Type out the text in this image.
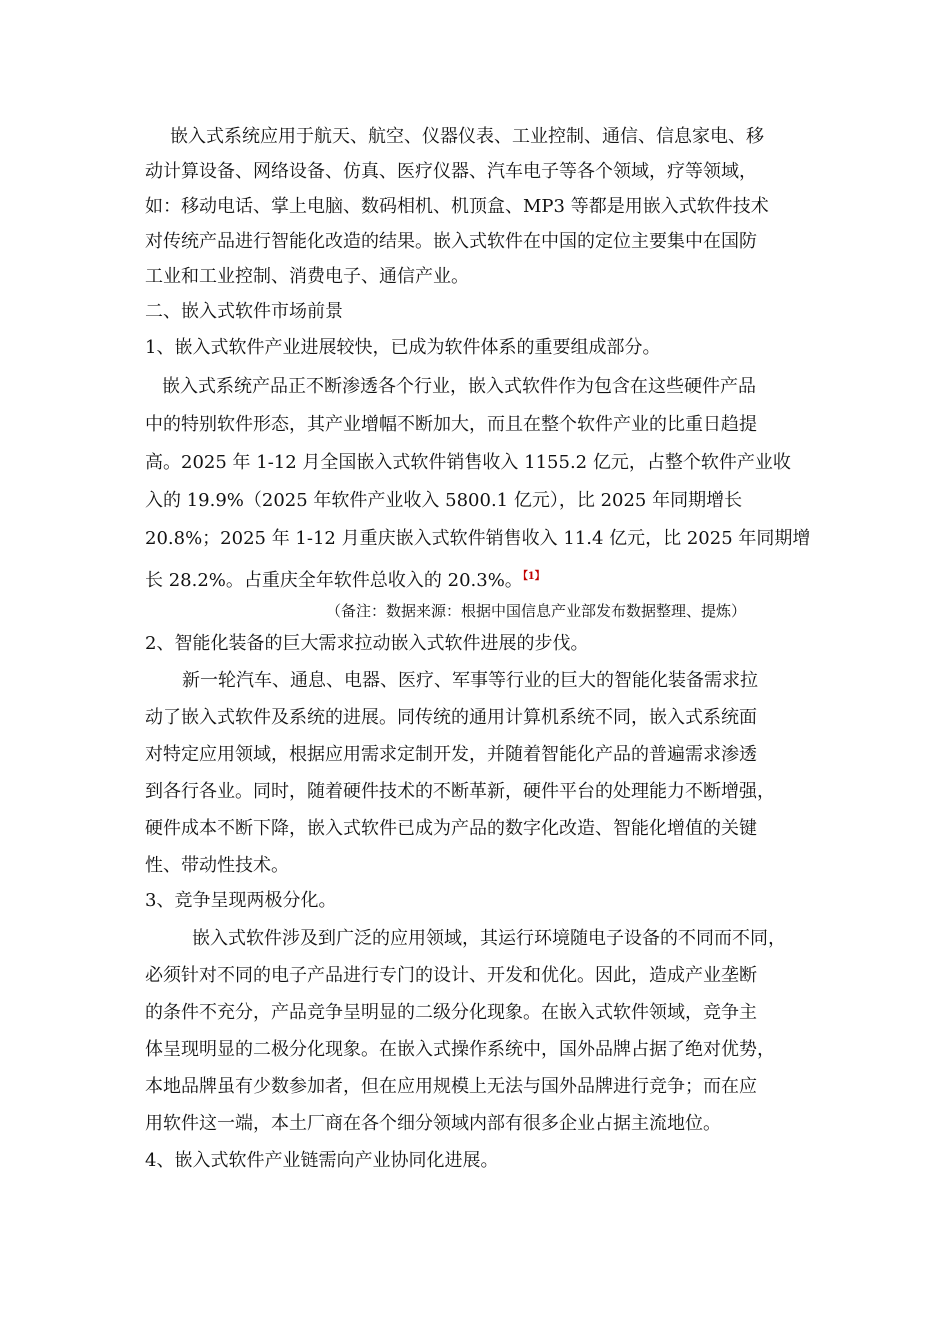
嵌入式系统应用于航天、航空、仪器仪表、工业控制、通信、信息家电、移
动计算设备、网络设备、仿真、医疗仪器、汽车电子等各个领域，疗等领域，
如：移动电话、掌上电脑、数码相机、机顶盒、MP3 等都是用嵌入式软件技术
对传统产品进行智能化改造的结果。嵌入式软件在中国的定位主要集中在国防
工业和工业控制、消费电子、通信产业。
二、嵌入式软件市场前景
1、嵌入式软件产业进展较快，已成为软件体系的重要组成部分。
嵌入式系统产品正不断渗透各个行业，嵌入式软件作为包含在这些硬件产品
中的特别软件形态，其产业增幅不断加大，而且在整个软件产业的比重日趋提
高。2025 年 1-12 月全国嵌入式软件销售收入 1155.2 亿元，占整个软件产业收
入的 19.9%（2025 年软件产业收入 5800.1 亿元），比 2025 年同期增长
20.8%；2025 年 1-12 月重庆嵌入式软件销售收入 11.4 亿元，比 2025 年同期增
长 28.2%。占重庆全年软件总收入的 20.3%。$^{【1】}$
（备注：数据来源：根据中国信息产业部发布数据整理、提炼）
2、智能化装备的巨大需求拉动嵌入式软件进展的步伐。
新一轮汽车、通息、电器、医疗、军事等行业的巨大的智能化装备需求拉
动了嵌入式软件及系统的进展。同传统的通用计算机系统不同，嵌入式系统面
对特定应用领域，根据应用需求定制开发，并随着智能化产品的普遍需求渗透
到各行各业。同时，随着硬件技术的不断革新，硬件平台的处理能力不断增强，
硬件成本不断下降，嵌入式软件已成为产品的数字化改造、智能化增值的关键
性、带动性技术。
3、竞争呈现两极分化。
嵌入式软件涉及到广泛的应用领域，其运行环境随电子设备的不同而不同，
必须针对不同的电子产品进行专门的设计、开发和优化。因此，造成产业垄断
的条件不充分，产品竞争呈明显的二级分化现象。在嵌入式软件领域，竞争主
体呈现明显的二极分化现象。在嵌入式操作系统中，国外品牌占据了绝对优势，
本地品牌虽有少数参加者，但在应用规模上无法与国外品牌进行竞争；而在应
用软件这一端，本土厂商在各个细分领域内部有很多企业占据主流地位。
4、嵌入式软件产业链需向产业协同化进展。
